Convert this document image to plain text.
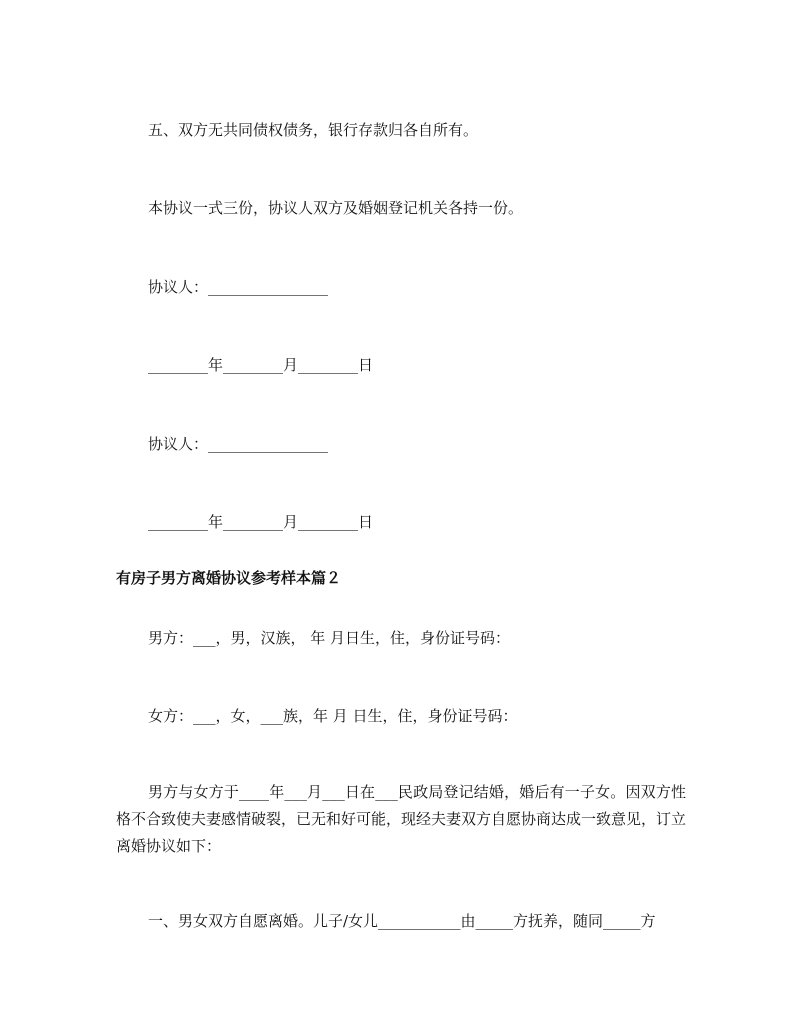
五、双方无共同债权债务，银行存款归各自所有。
本协议一式三份，协议人双方及婚姻登记机关各持一份。
协议人：________________
________年________月________日
协议人：________________
________年________月________日
有房子男方离婚协议参考样本篇２
男方：___，男，汉族， 年 月日生，住，身份证号码：
女方：___，女，___族，年 月 日生，住，身份证号码：
男方与女方于____年___月___日在___民政局登记结婚，婚后有一子女。因双方性格不合致使夫妻感情破裂，已无和好可能，现经夫妻双方自愿协商达成一致意见，订立离婚协议如下：
一、男女双方自愿离婚。儿子/女儿___________由_____方抚养，随同_____方
